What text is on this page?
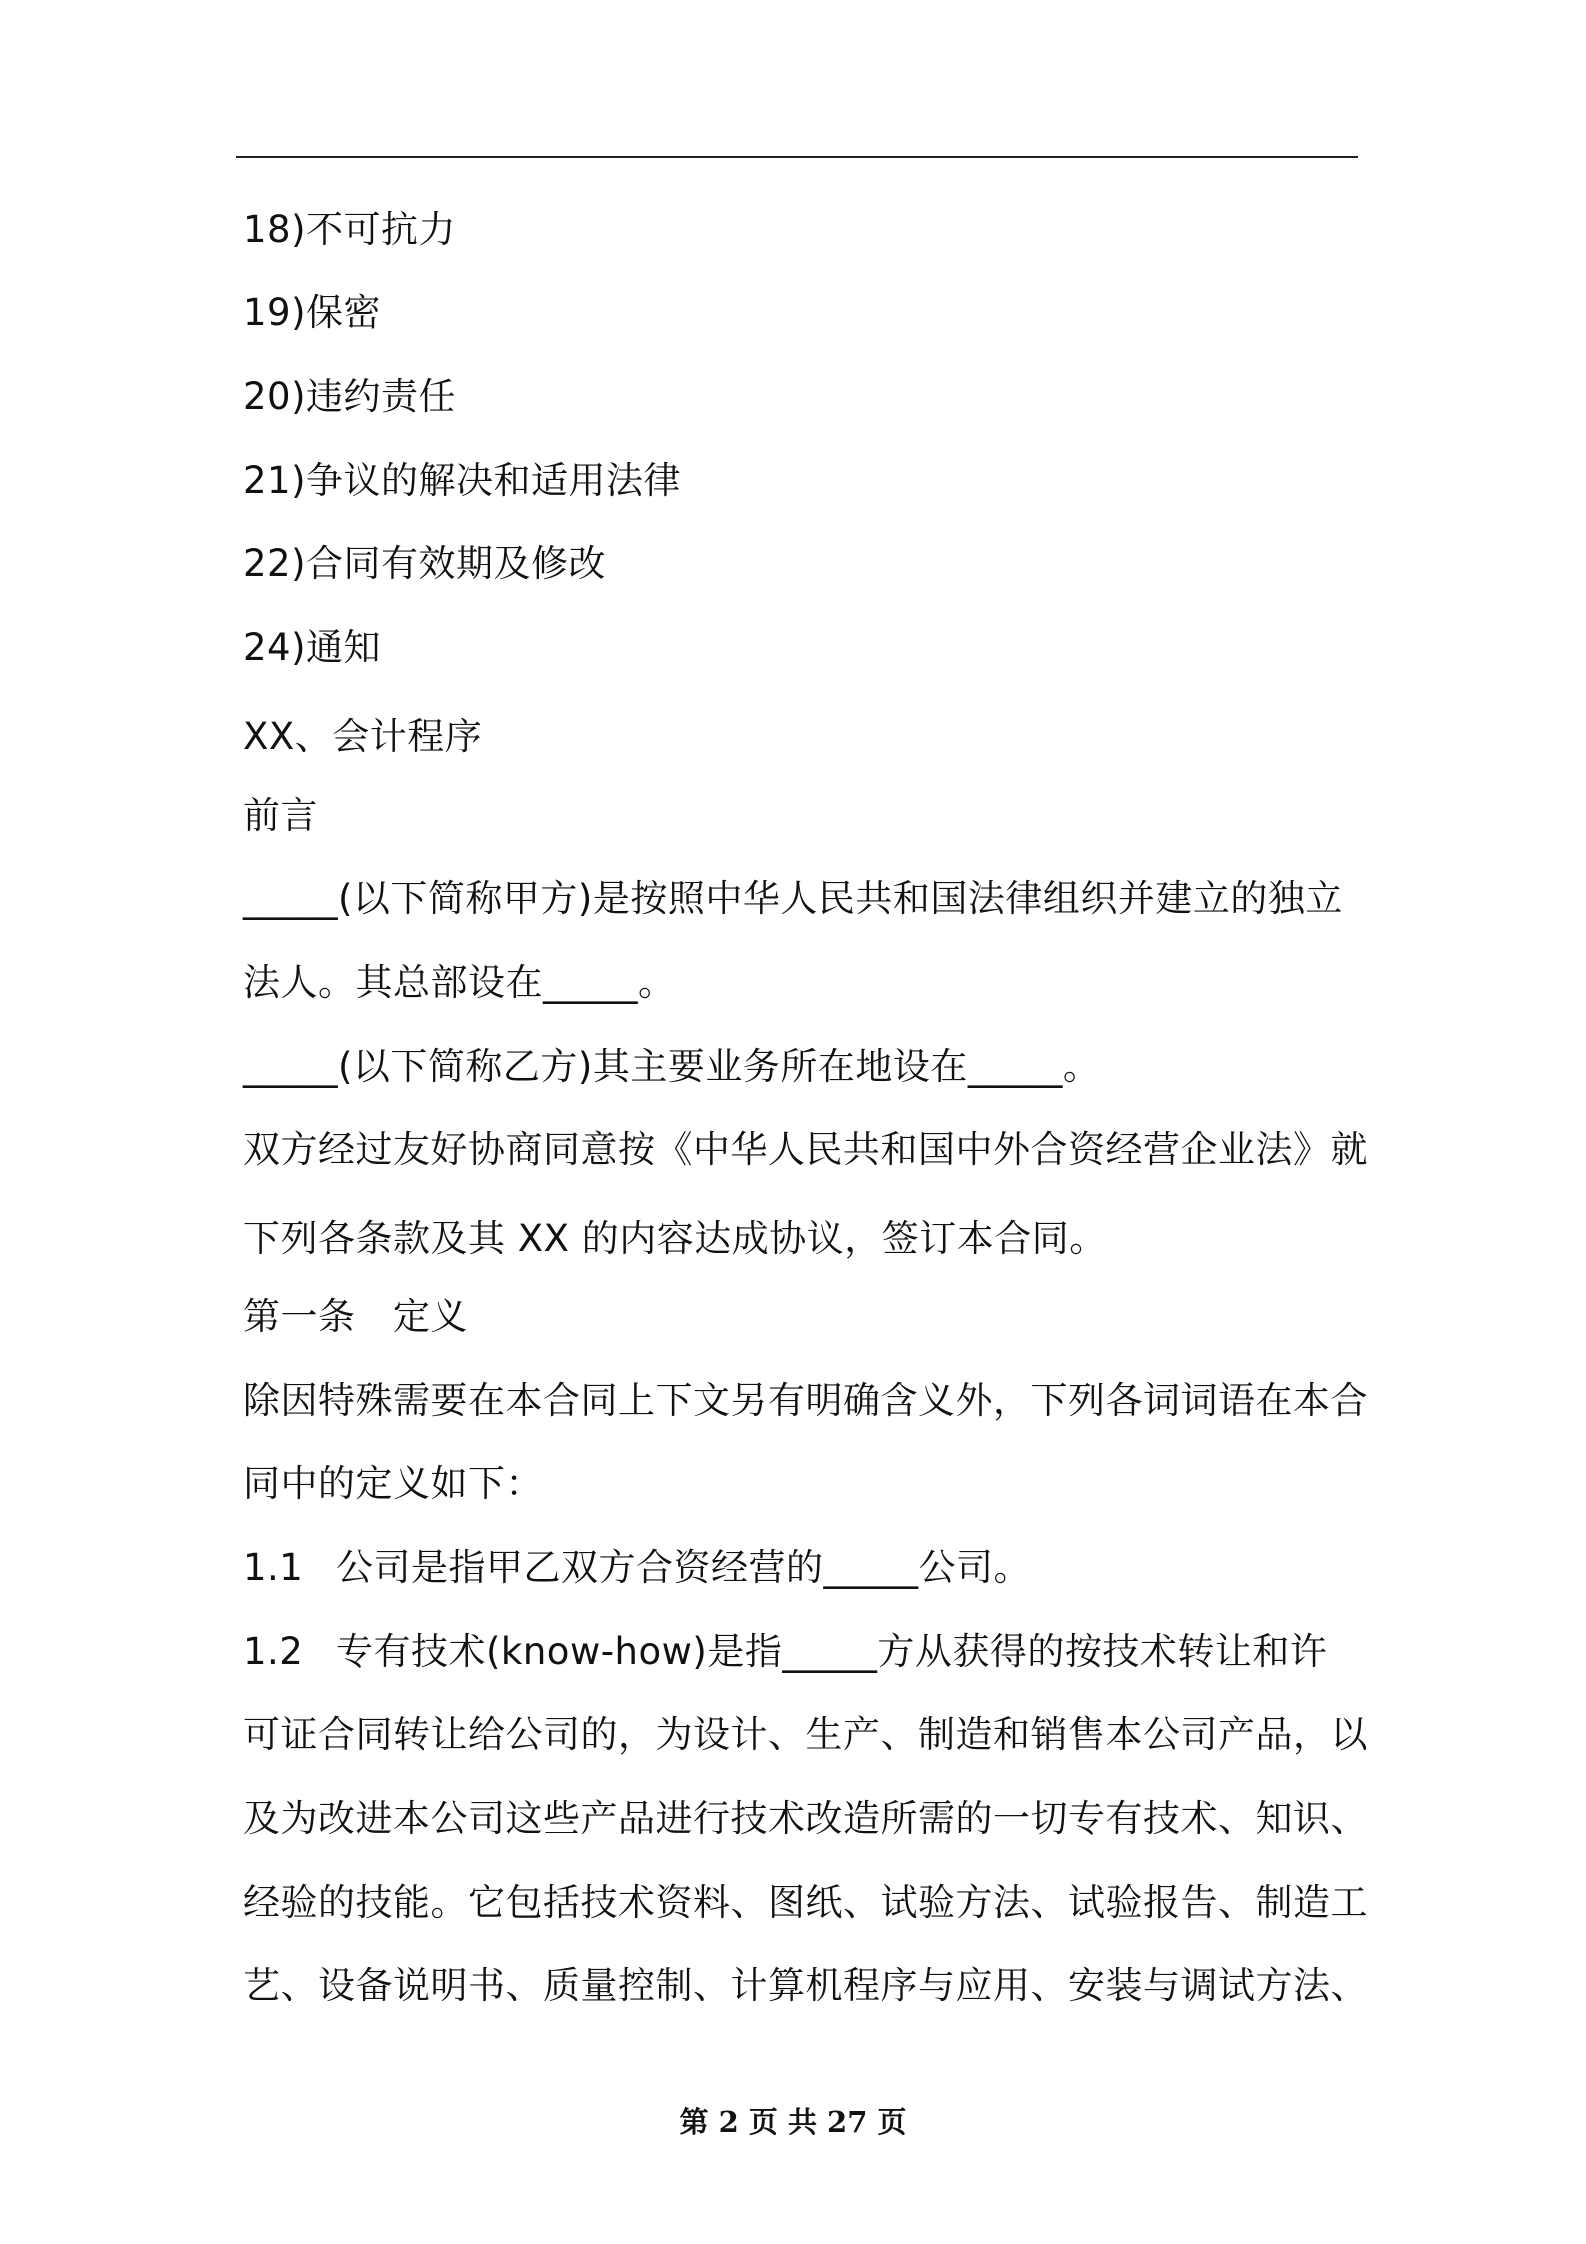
18)不可抗力
19)保密
20)违约责任
21)争议的解决和适用法律
22)合同有效期及修改
24)通知
XX、会计程序
前言
_____(以下简称甲方)是按照中华人民共和国法律组织并建立的独立
法人。其总部设在_____。
_____(以下简称乙方)其主要业务所在地设在_____。
双方经过友好协商同意按《中华人民共和国中外合资经营企业法》就
下列各条款及其 XX 的内容达成协议，签订本合同。
第一条　定义
除因特殊需要在本合同上下文另有明确含义外，下列各词词语在本合
同中的定义如下：
1.1 公司是指甲乙双方合资经营的_____公司。
1.2 专有技术(know-how)是指_____方从获得的按技术转让和许
可证合同转让给公司的，为设计、生产、制造和销售本公司产品，以
及为改进本公司这些产品进行技术改造所需的一切专有技术、知识、
经验的技能。它包括技术资料、图纸、试验方法、试验报告、制造工
艺、设备说明书、质量控制、计算机程序与应用、安装与调试方法、
第 2 页 共 27 页
